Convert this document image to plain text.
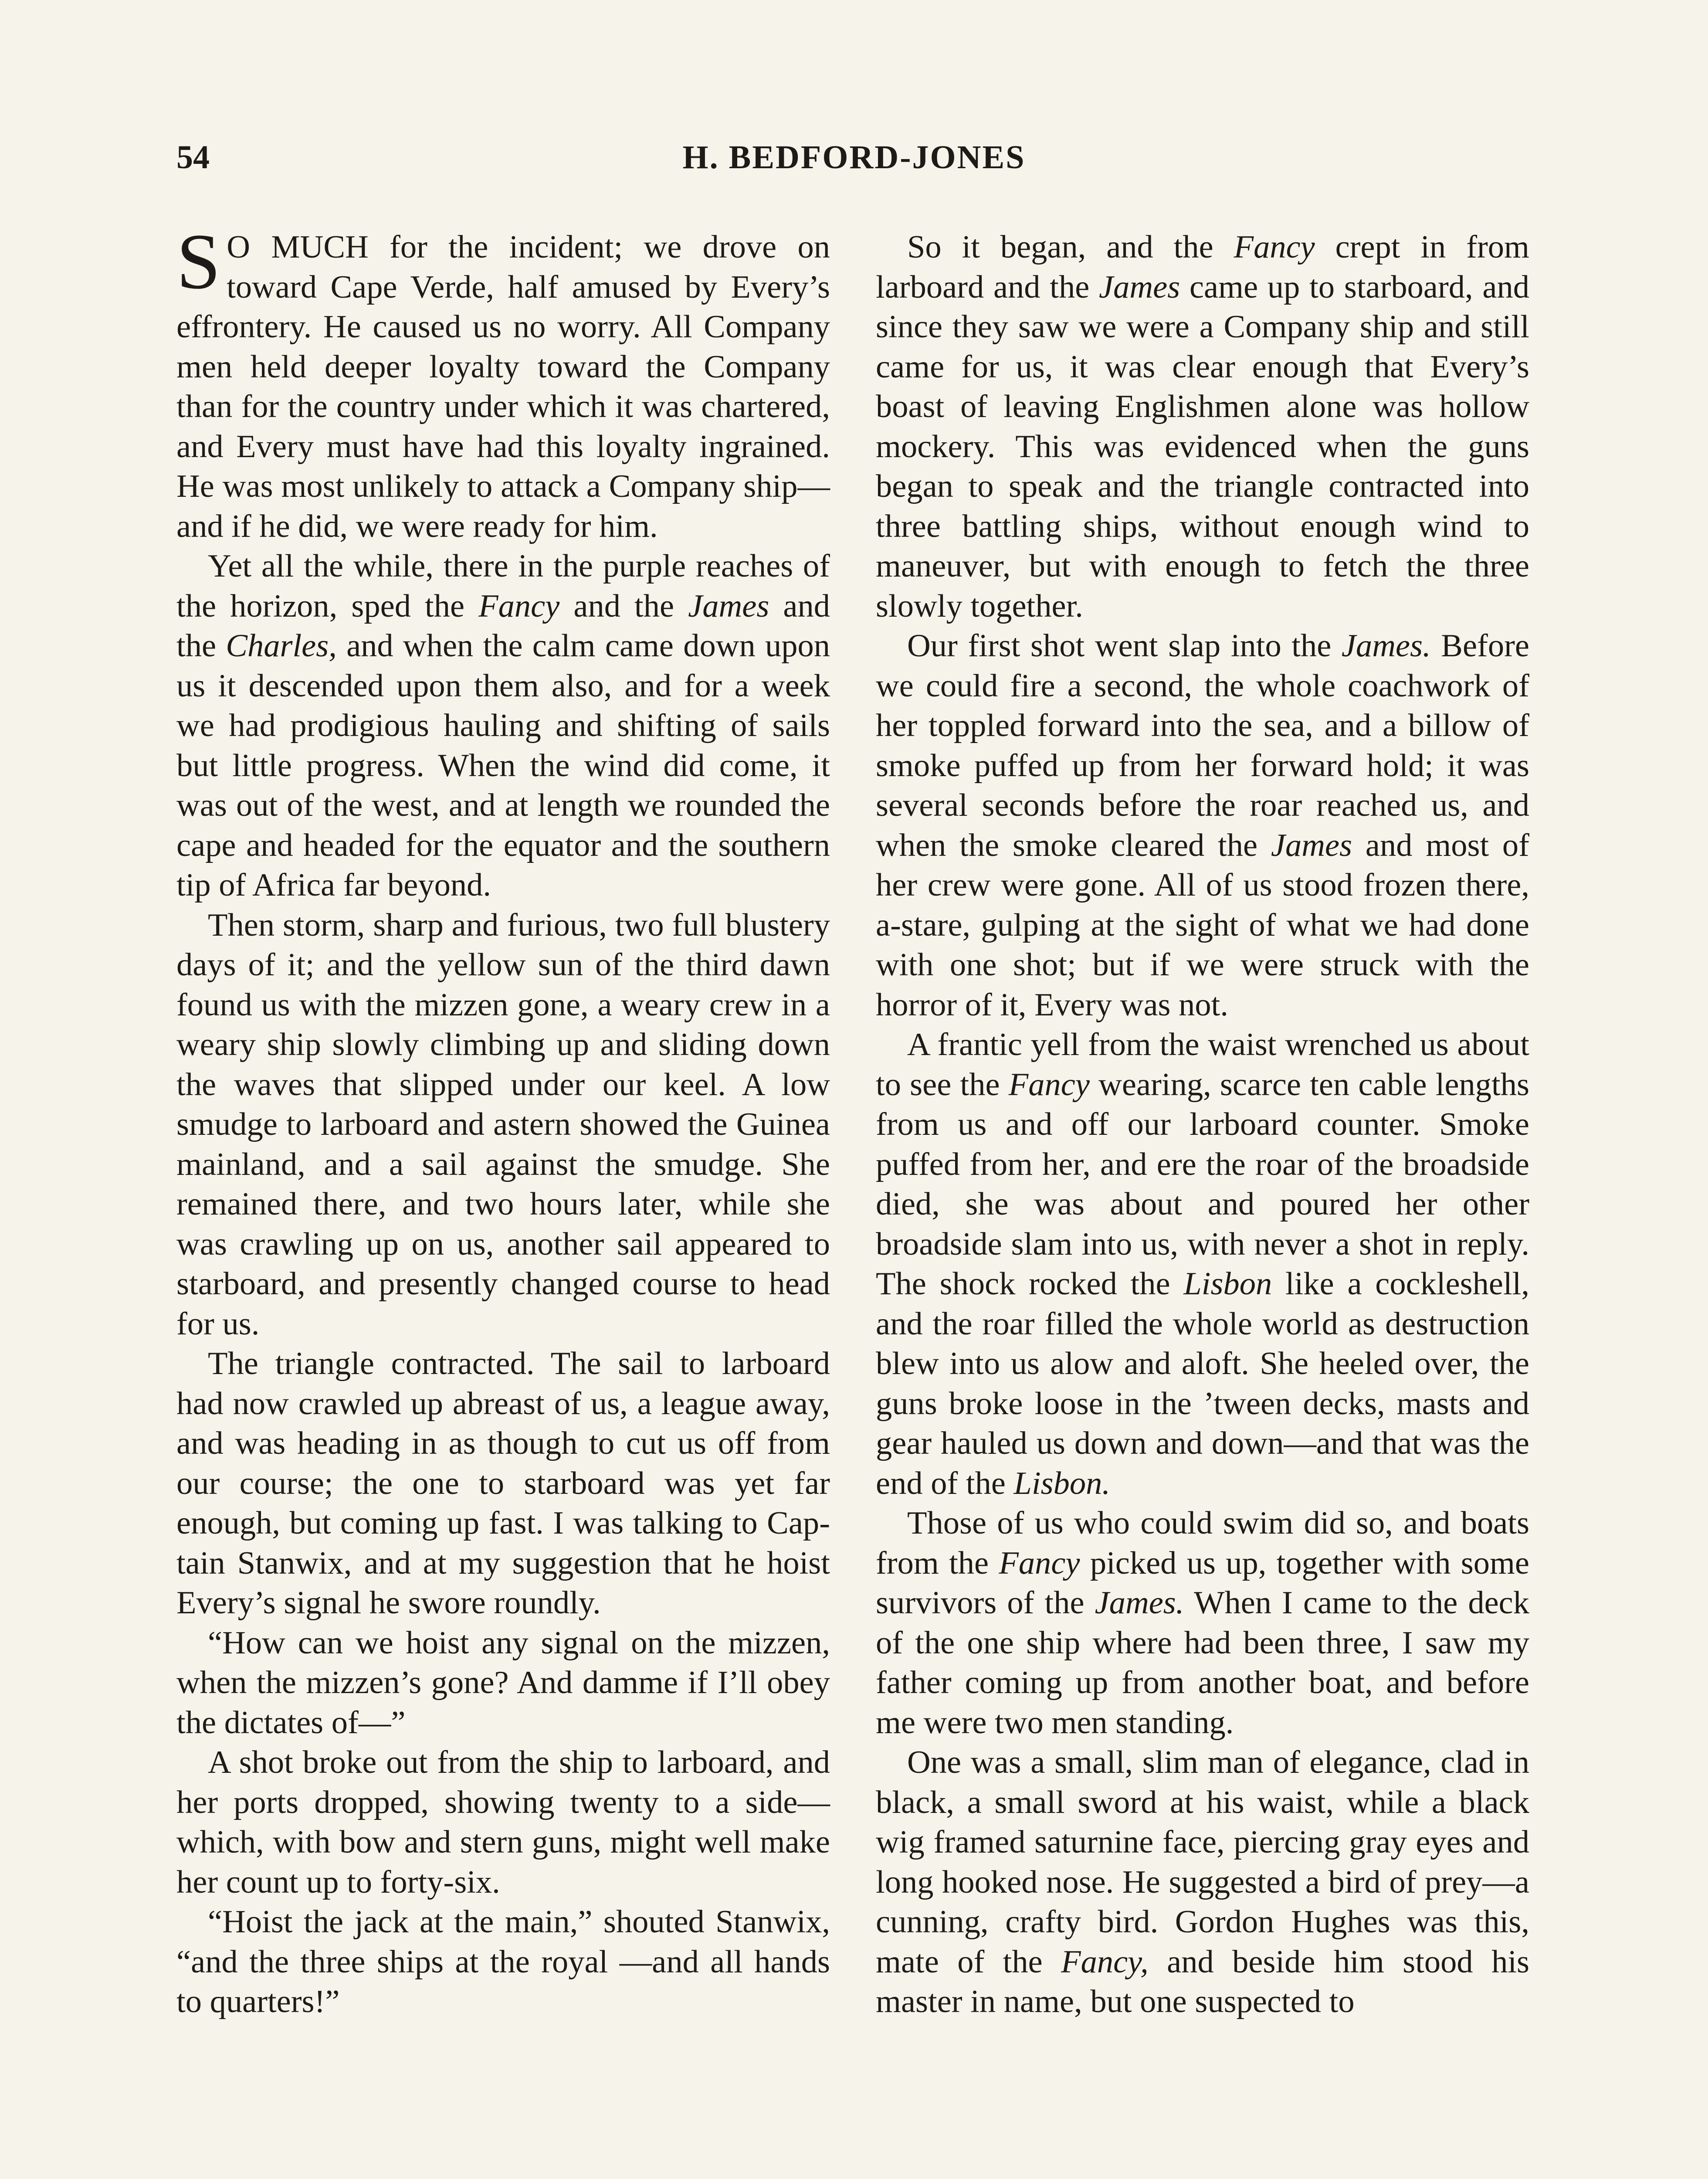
54	H. BEDFORD-JONES

SO MUCH for the incident; we drove on toward Cape Verde, half amused by Every’s effrontery. He caused us no worry. All Company men held deeper loyalty toward the Company than for the country under which it was chartered, and Every must have had this loyalty ingrained. He was most unlikely to attack a Company ship—and if he did, we were ready for him.

Yet all the while, there in the purple reaches of the horizon, sped the Fancy and the James and the Charles, and when the calm came down upon us it descended upon them also, and for a week we had prodigious hauling and shifting of sails but little progress. When the wind did come, it was out of the west, and at length we rounded the cape and headed for the equator and the southern tip of Africa far beyond.

Then storm, sharp and furious, two full blustery days of it; and the yellow sun of the third dawn found us with the mizzen gone, a weary crew in a weary ship slowly climbing up and sliding down the waves that slipped under our keel. A low smudge to larboard and astern showed the Guinea mainland, and a sail against the smudge. She remained there, and two hours later, while she was crawling up on us, another sail appeared to starboard, and presently changed course to head for us.

The triangle contracted. The sail to larboard had now crawled up abreast of us, a league away, and was heading in as though to cut us off from our course; the one to starboard was yet far enough, but coming up fast. I was talking to Captain Stanwix, and at my suggestion that he hoist Every’s signal he swore roundly.

“How can we hoist any signal on the mizzen, when the mizzen’s gone? And damme if I’ll obey the dictates of—”

A shot broke out from the ship to larboard, and her ports dropped, showing twenty to a side—which, with bow and stern guns, might well make her count up to forty-six.

“Hoist the jack at the main,” shouted Stanwix, “and the three ships at the royal —and all hands to quarters!”

So it began, and the Fancy crept in from larboard and the James came up to starboard, and since they saw we were a Company ship and still came for us, it was clear enough that Every’s boast of leaving Englishmen alone was hollow mockery. This was evidenced when the guns began to speak and the triangle contracted into three battling ships, without enough wind to maneuver, but with enough to fetch the three slowly together.

Our first shot went slap into the James. Before we could fire a second, the whole coachwork of her toppled forward into the sea, and a billow of smoke puffed up from her forward hold; it was several seconds before the roar reached us, and when the smoke cleared the James and most of her crew were gone. All of us stood frozen there, a-stare, gulping at the sight of what we had done with one shot; but if we were struck with the horror of it, Every was not.

A frantic yell from the waist wrenched us about to see the Fancy wearing, scarce ten cable lengths from us and off our larboard counter. Smoke puffed from her, and ere the roar of the broadside died, she was about and poured her other broadside slam into us, with never a shot in reply. The shock rocked the Lisbon like a cockleshell, and the roar filled the whole world as destruction blew into us alow and aloft. She heeled over, the guns broke loose in the ’tween decks, masts and gear hauled us down and down—and that was the end of the Lisbon.

Those of us who could swim did so, and boats from the Fancy picked us up, together with some survivors of the James. When I came to the deck of the one ship where had been three, I saw my father coming up from another boat, and before me were two men standing.

One was a small, slim man of elegance, clad in black, a small sword at his waist, while a black wig framed saturnine face, piercing gray eyes and long hooked nose. He suggested a bird of prey—a cunning, crafty bird. Gordon Hughes was this, mate of the Fancy, and beside him stood his master in name, but one suspected to
